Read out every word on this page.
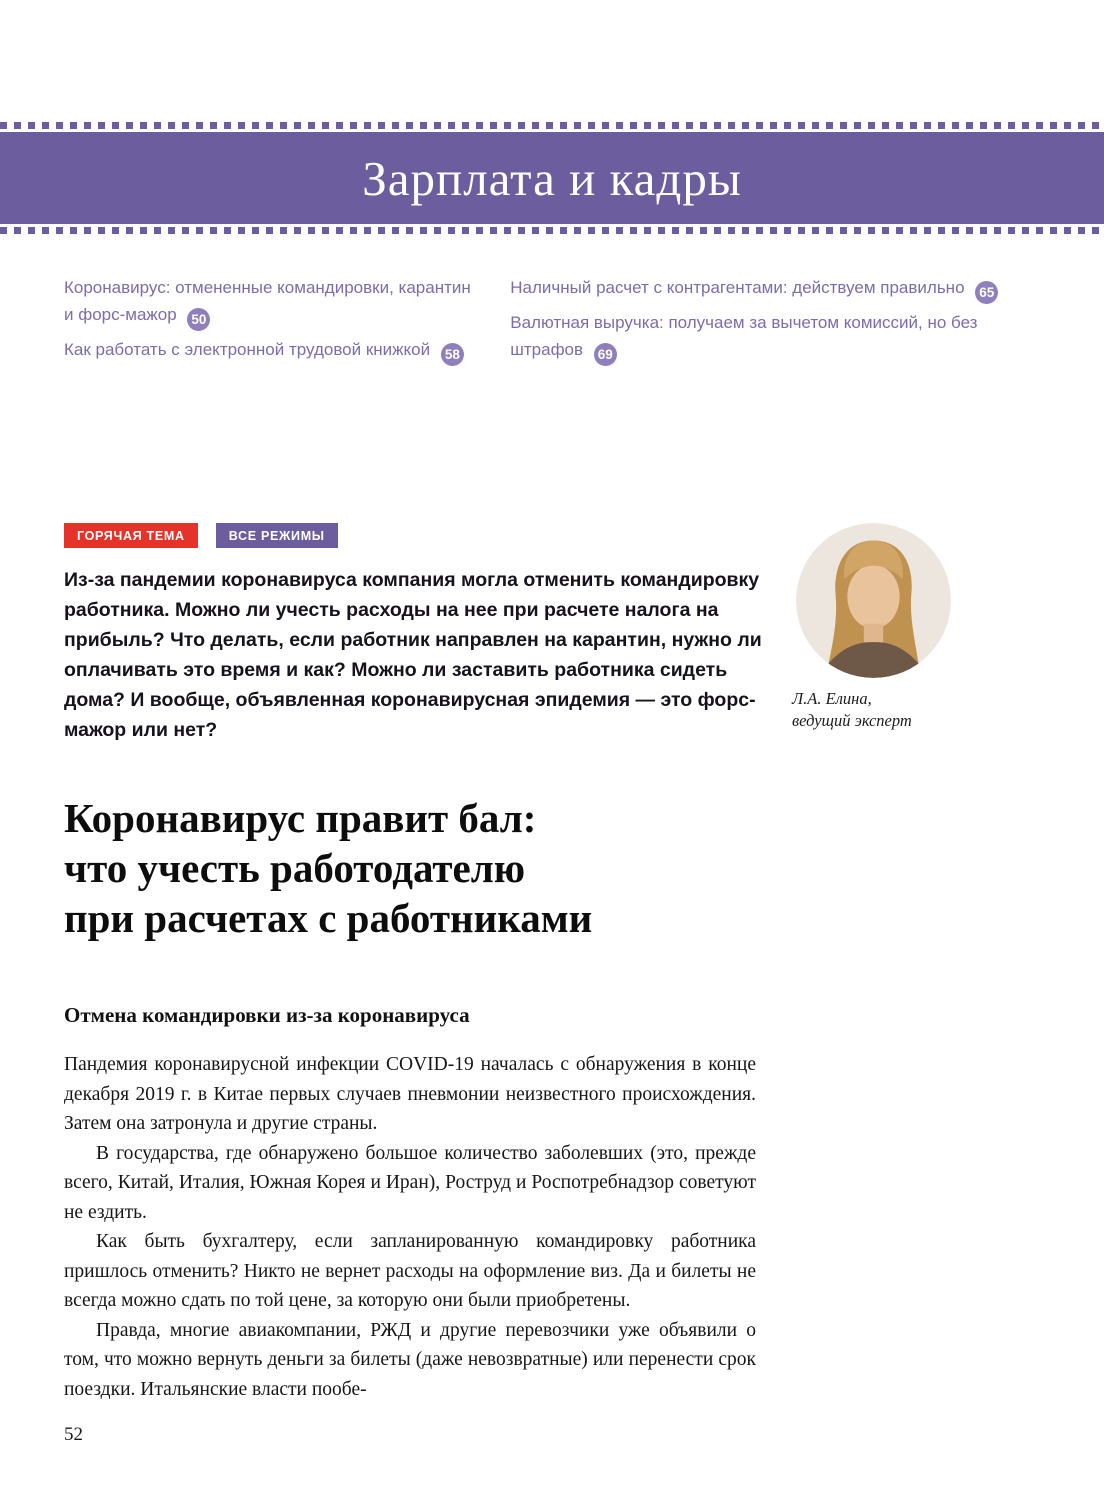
Зарплата и кадры
Коронавирус: отмененные командировки, карантин и форс-мажор 50
Как работать с электронной трудовой книжкой 58
Наличный расчет с контрагентами: действуем правильно 65
Валютная выручка: получаем за вычетом комиссий, но без штрафов 69
ГОРЯЧАЯ ТЕМА	ВСЕ РЕЖИМЫ

Из-за пандемии коронавируса компания могла отменить командировку работника. Можно ли учесть расходы на нее при расчете налога на прибыль? Что делать, если работник направлен на карантин, нужно ли оплачивать это время и как? Можно ли заставить работника сидеть дома? И вообще, объявленная коронавирусная эпидемия — это форс-мажор или нет?

Л.А. Елина,
ведущий эксперт
Коронавирус правит бал:
что учесть работодателю
при расчетах с работниками
Отмена командировки из-за коронавируса

Пандемия коронавирусной инфекции COVID-19 началась с обнаружения в конце декабря 2019 г. в Китае первых случаев пневмонии неизвестного происхождения. Затем она затронула и другие страны.

В государства, где обнаружено большое количество заболевших (это, прежде всего, Китай, Италия, Южная Корея и Иран), Роструд и Роспотребнадзор советуют не ездить.

Как быть бухгалтеру, если запланированную командировку работника пришлось отменить? Никто не вернет расходы на оформление виз. Да и билеты не всегда можно сдать по той цене, за которую они были приобретены.

Правда, многие авиакомпании, РЖД и другие перевозчики уже объявили о том, что можно вернуть деньги за билеты (даже невозвратные) или перенести срок поездки. Итальянские власти пообе-

52
